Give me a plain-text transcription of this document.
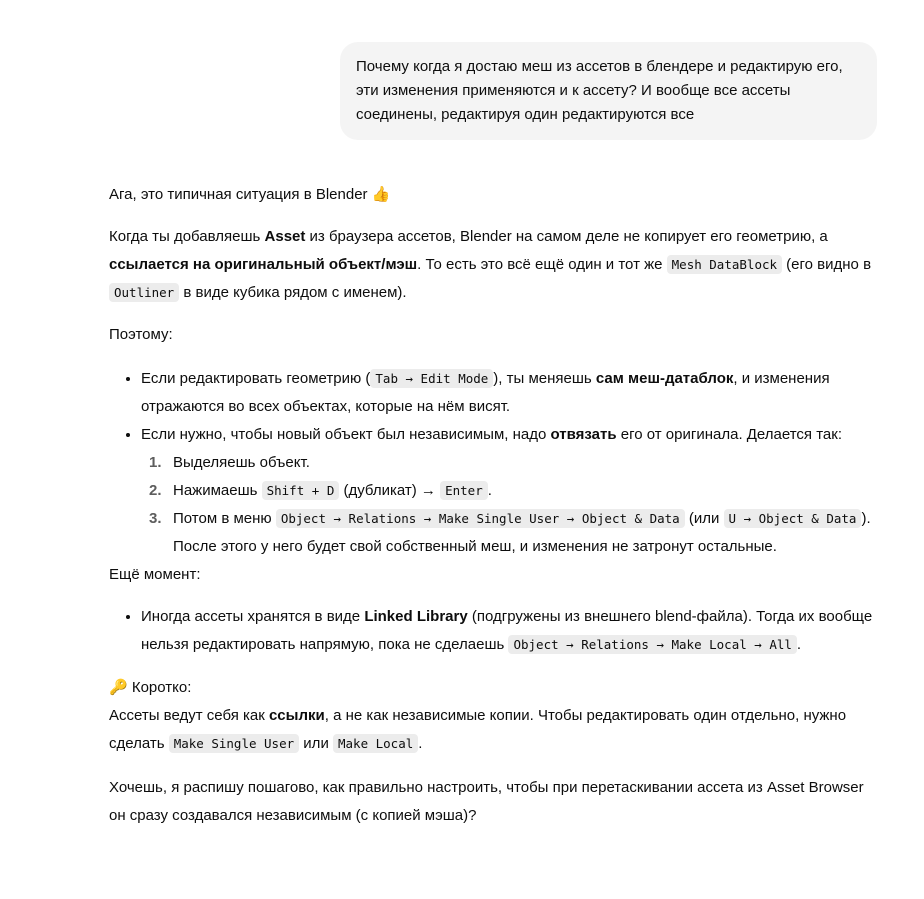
Почему когда я достаю меш из ассетов в блендере и редактирую его, эти изменения применяются и к ассету? И вообще все ассеты соединены, редактируя один редактируются все

Ага, это типичная ситуация в Blender 👍

Когда ты добавляешь Asset из браузера ассетов, Blender на самом деле не копирует его геометрию, а ссылается на оригинальный объект/мэш. То есть это всё ещё один и тот же Mesh DataBlock (его видно в Outliner в виде кубика рядом с именем).

Поэтому:

• Если редактировать геометрию ( Tab → Edit Mode ), ты меняешь сам меш-датаблок, и изменения отражаются во всех объектах, которые на нём висят.
• Если нужно, чтобы новый объект был независимым, надо отвязать его от оригинала. Делается так:
1. Выделяешь объект.
2. Нажимаешь Shift + D (дубликат) → Enter .
3. Потом в меню Object → Relations → Make Single User → Object & Data (или U → Object & Data ).
После этого у него будет свой собственный меш, и изменения не затронут остальные.

Ещё момент:

• Иногда ассеты хранятся в виде Linked Library (подгружены из внешнего blend-файла). Тогда их вообще нельзя редактировать напрямую, пока не сделаешь Object → Relations → Make Local → All .

🔑 Коротко:

Ассеты ведут себя как ссылки, а не как независимые копии. Чтобы редактировать один отдельно, нужно сделать Make Single User или Make Local .

Хочешь, я распишу пошагово, как правильно настроить, чтобы при перетаскивании ассета из Asset Browser он сразу создавался независимым (с копией мэша)?
